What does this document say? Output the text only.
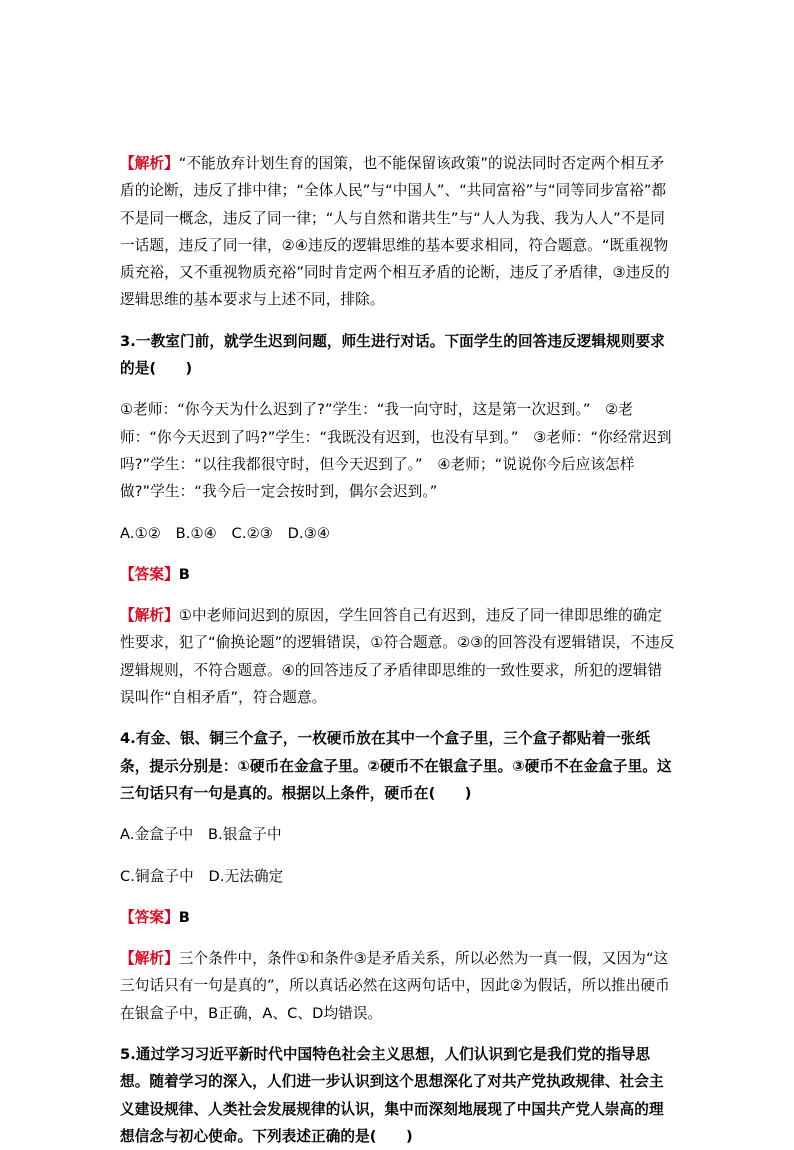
【解析】“不能放弃计划生育的国策，也不能保留该政策”的说法同时否定两个相互矛盾的论断，违反了排中律；“全体人民”与“中国人”、“共同富裕”与“同等同步富裕”都不是同一概念，违反了同一律；“人与自然和谐共生”与“人人为我、我为人人”不是同一话题，违反了同一律，②④违反的逻辑思维的基本要求相同，符合题意。“既重视物质充裕，又不重视物质充裕”同时肯定两个相互矛盾的论断，违反了矛盾律，③违反的逻辑思维的基本要求与上述不同，排除。

3.一教室门前，就学生迟到问题，师生进行对话。下面学生的回答违反逻辑规则要求的是(　　)

①老师：“你今天为什么迟到了?”学生：“我一向守时，这是第一次迟到。”　②老师：“你今天迟到了吗?”学生：“我既没有迟到，也没有早到。”　③老师：“你经常迟到吗?”学生：“以往我都很守时，但今天迟到了。”　④老师；“说说你今后应该怎样做?”学生：“我今后一定会按时到，偶尔会迟到。”

A.①②　B.①④　C.②③　D.③④

【答案】B

【解析】①中老师问迟到的原因，学生回答自己有迟到，违反了同一律即思维的确定性要求，犯了“偷换论题”的逻辑错误，①符合题意。②③的回答没有逻辑错误，不违反逻辑规则，不符合题意。④的回答违反了矛盾律即思维的一致性要求，所犯的逻辑错误叫作“自相矛盾”，符合题意。

4.有金、银、铜三个盒子，一枚硬币放在其中一个盒子里，三个盒子都贴着一张纸条，提示分别是：①硬币在金盒子里。②硬币不在银盒子里。③硬币不在金盒子里。这三句话只有一句是真的。根据以上条件，硬币在(　　)

A.金盒子中　B.银盒子中

C.铜盒子中　D.无法确定

【答案】B

【解析】三个条件中，条件①和条件③是矛盾关系，所以必然为一真一假，又因为“这三句话只有一句是真的”，所以真话必然在这两句话中，因此②为假话，所以推出硬币在银盒子中，B正确，A、C、D均错误。

5.通过学习习近平新时代中国特色社会主义思想，人们认识到它是我们党的指导思想。随着学习的深入，人们进一步认识到这个思想深化了对共产党执政规律、社会主义建设规律、人类社会发展规律的认识，集中而深刻地展现了中国共产党人崇高的理想信念与初心使命。下列表述正确的是(　　)
